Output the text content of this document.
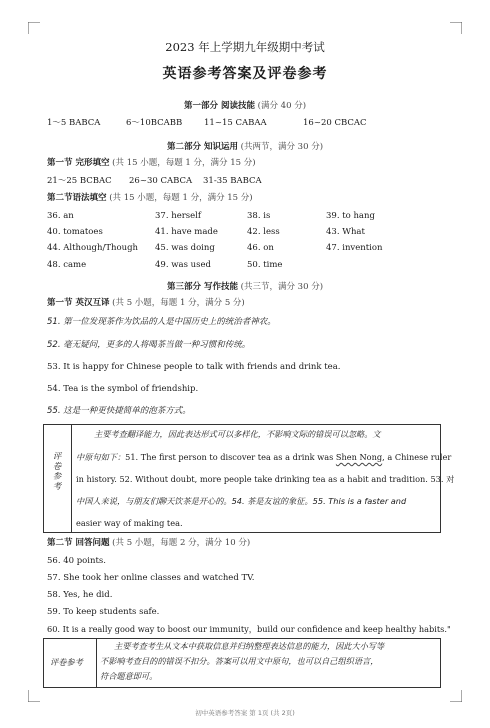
2023 年上学期九年级期中考试
英语参考答案及评卷参考
第一部分 阅读技能 (满分 40 分)
1～5 BABCA	6～10BCABB	11~15 CABAA	16~20 CBCAC
第二部分 知识运用 (共两节，满分 30 分)
第一节 完形填空 (共 15 小题，每题 1 分，满分 15 分)
21～25 BCBAC 26~30 CABCA 31-35 BABCA
第二节语法填空 (共 15 小题，每题 1 分，满分 15 分)
36. an	37. herself	38. is	39. to hang
40. tomatoes	41. have made	42. less	43. What
44. Although/Though 45. was doing	46. on	47. invention
48. came	49. was used	50. time
第三部分 写作技能 (共三节，满分 30 分)
第一节 英汉互译 (共 5 小题，每题 1 分，满分 5 分)
51. 第一位发现茶作为饮品的人是中国历史上的统治者神农。
52. 毫无疑问，更多的人将喝茶当做一种习惯和传统。
53. It is happy for Chinese people to talk with friends and drink tea.
54. Tea is the symbol of friendship.
55. 这是一种更快捷简单的泡茶方式。
评
卷
参
考
主要考查翻译能力，因此表达形式可以多样化，不影响文际的错误可以忽略。文
中原句如下：51. The first person to discover tea as a drink was Shen Nong, a Chinese ruler
in history. 52. Without doubt, more people take drinking tea as a habit and tradition. 53. 对
中国人来说，与朋友们聊天饮茶是开心的。54. 茶是友谊的象征。55. This is a faster and
easier way of making tea.
第二节 回答问题 (共 5 小题，每题 2 分，满分 10 分)
56. 40 points.
57. She took her online classes and watched TV.
58. Yes, he did.
59. To keep students safe.
60. It is a really good way to boost our immunity，build our confidence and keep healthy habits."
评卷参考
主要考查考生从文本中获取信息并归纳整理表达信息的能力，因此大小写等
不影响考查目的的错误不扣分。答案可以用文中原句，也可以自己组织语言，
符合题意即可。
初中英语参考答案 第 1页 (共 2页)
